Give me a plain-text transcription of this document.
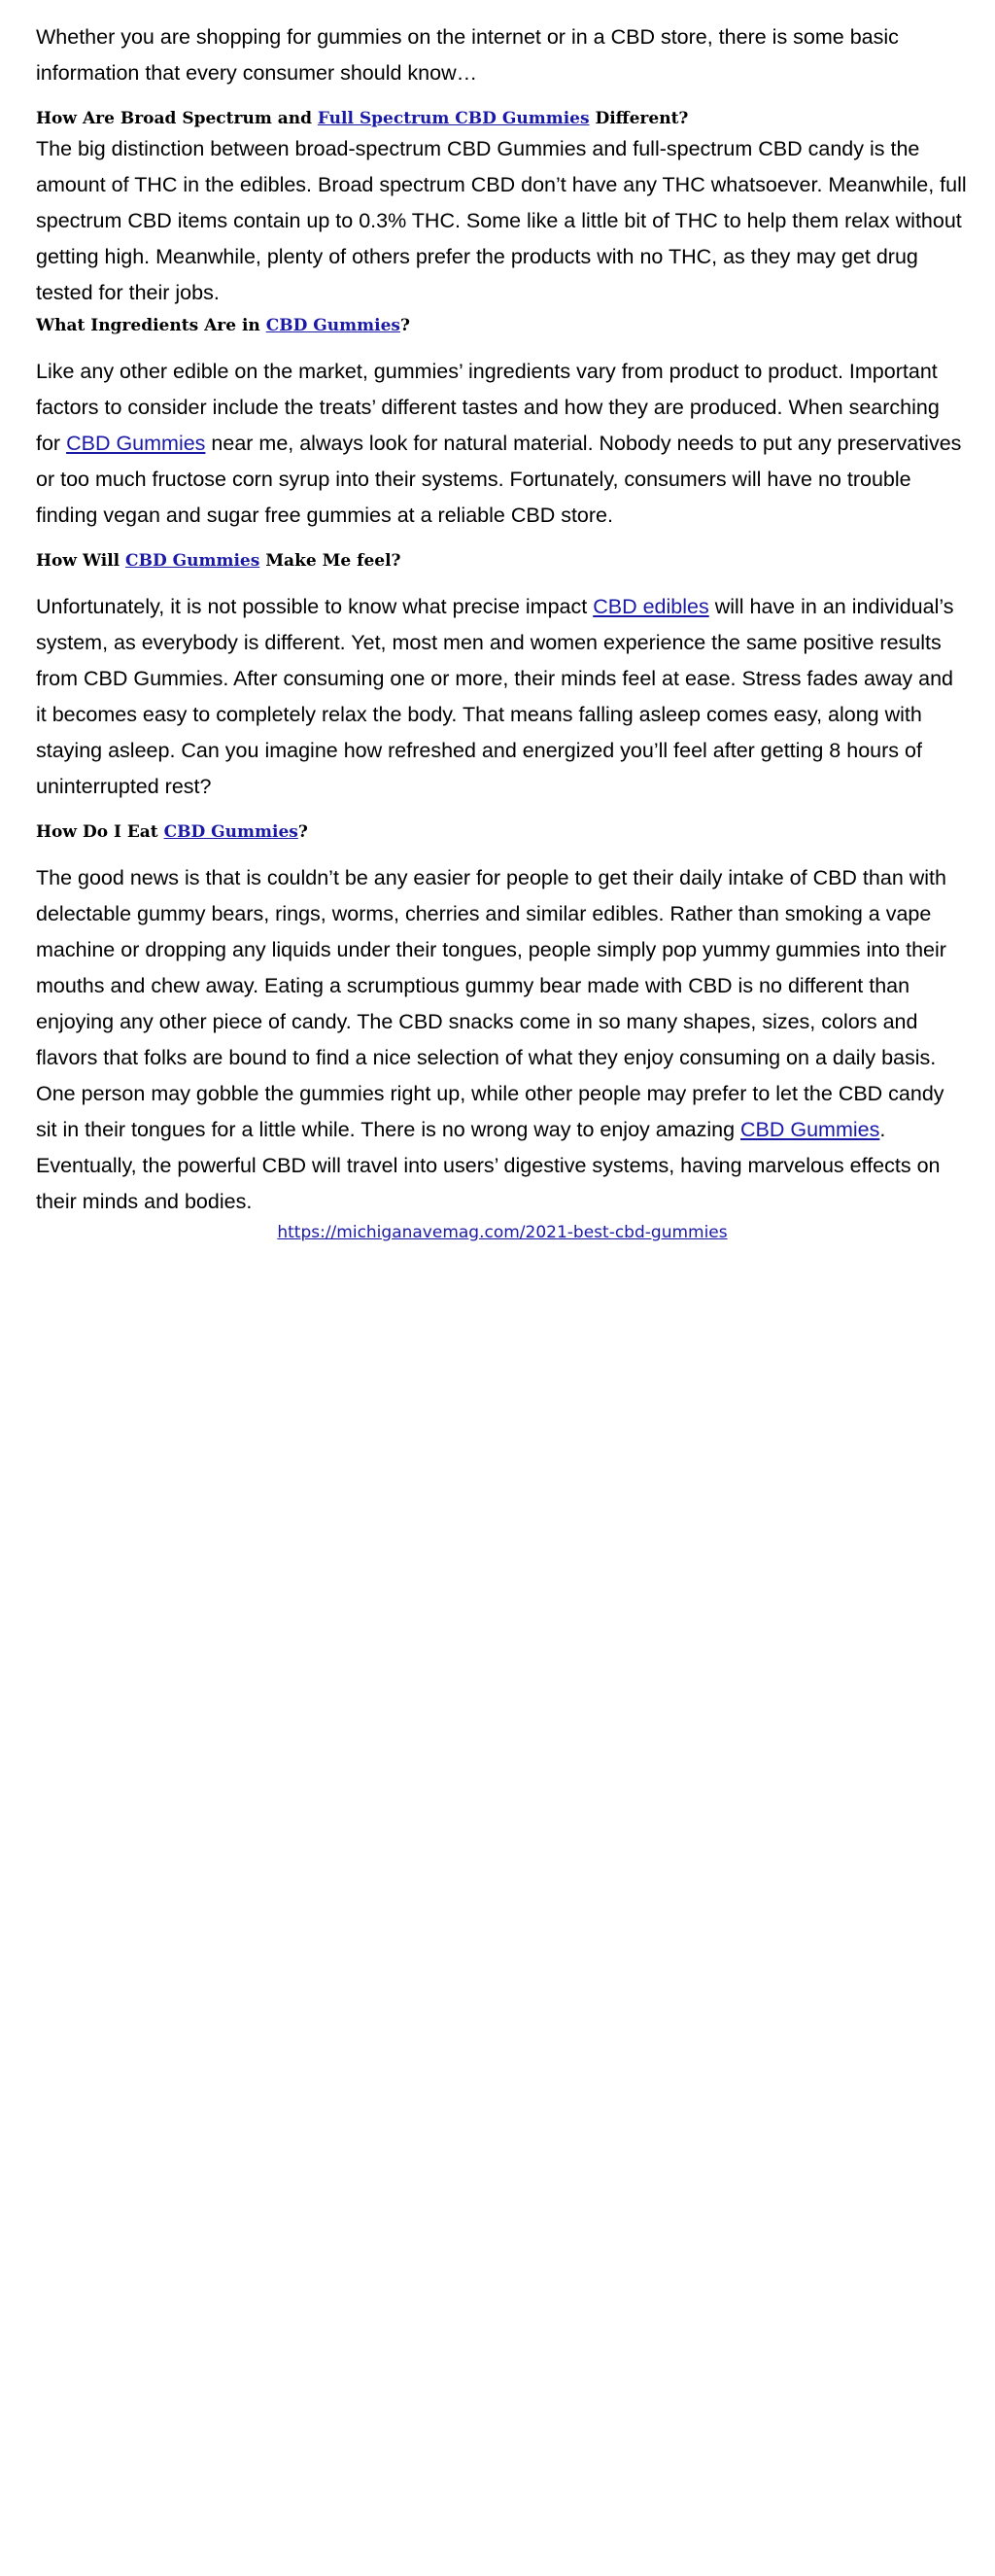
Whether you are shopping for gummies on the internet or in a CBD store, there is some basic information that every consumer should know…

How Are Broad Spectrum and Full Spectrum CBD Gummies Different?

The big distinction between broad-spectrum CBD Gummies and full-spectrum CBD candy is the amount of THC in the edibles. Broad spectrum CBD don’t have any THC whatsoever. Meanwhile, full spectrum CBD items contain up to 0.3% THC. Some like a little bit of THC to help them relax without getting high. Meanwhile, plenty of others prefer the products with no THC, as they may get drug tested for their jobs.

What Ingredients Are in CBD Gummies?

Like any other edible on the market, gummies’ ingredients vary from product to product. Important factors to consider include the treats’ different tastes and how they are produced. When searching for CBD Gummies near me, always look for natural material. Nobody needs to put any preservatives or too much fructose corn syrup into their systems. Fortunately, consumers will have no trouble finding vegan and sugar free gummies at a reliable CBD store.

How Will CBD Gummies Make Me feel?

Unfortunately, it is not possible to know what precise impact CBD edibles will have in an individual’s system, as everybody is different. Yet, most men and women experience the same positive results from CBD Gummies. After consuming one or more, their minds feel at ease. Stress fades away and it becomes easy to completely relax the body. That means falling asleep comes easy, along with staying asleep. Can you imagine how refreshed and energized you’ll feel after getting 8 hours of uninterrupted rest?

How Do I Eat CBD Gummies?

The good news is that is couldn’t be any easier for people to get their daily intake of CBD than with delectable gummy bears, rings, worms, cherries and similar edibles. Rather than smoking a vape machine or dropping any liquids under their tongues, people simply pop yummy gummies into their mouths and chew away. Eating a scrumptious gummy bear made with CBD is no different than enjoying any other piece of candy. The CBD snacks come in so many shapes, sizes, colors and flavors that folks are bound to find a nice selection of what they enjoy consuming on a daily basis. One person may gobble the gummies right up, while other people may prefer to let the CBD candy sit in their tongues for a little while. There is no wrong way to enjoy amazing CBD Gummies. Eventually, the powerful CBD will travel into users’ digestive systems, having marvelous effects on their minds and bodies.

https://michiganavemag.com/2021-best-cbd-gummies
